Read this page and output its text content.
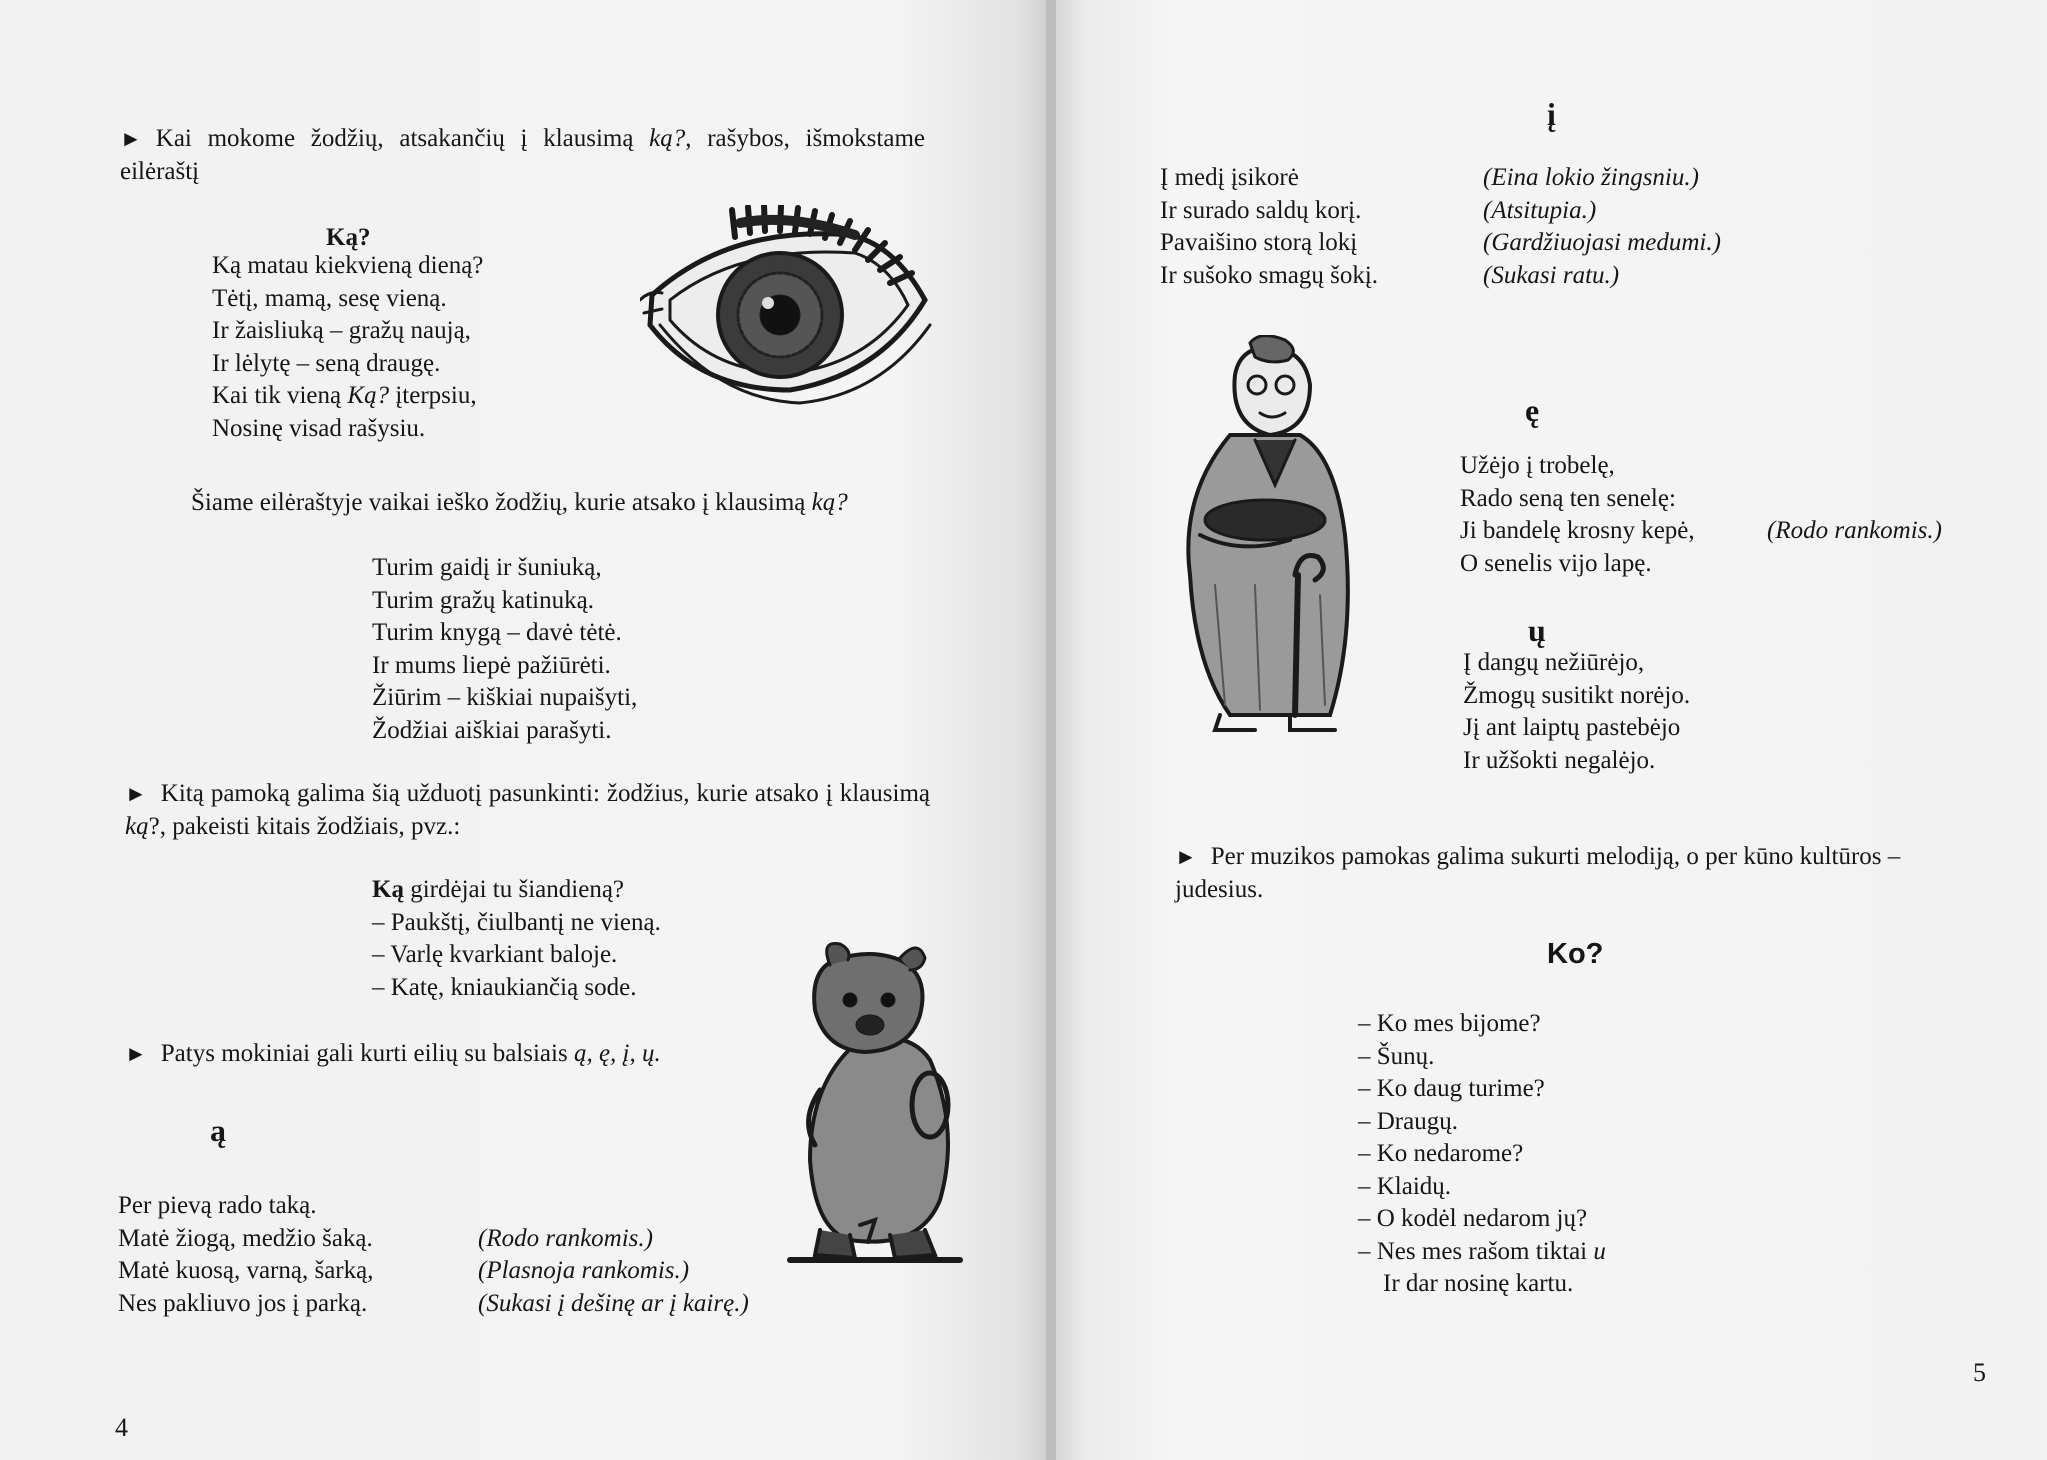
► Kai mokome žodžių, atsakančių į klausimą ką?, rašybos, išmokstame eilėraštį
Ką?
Ką matau kiekvieną dieną?
Tėtį, mamą, sesę vieną.
Ir žaisliuką – gražų naują,
Ir lėlytę – seną draugę.
Kai tik vieną Ką? įterpsiu,
Nosinę visad rašysiu.
Šiame eilėraštyje vaikai ieško žodžių, kurie atsako į klausimą ką?
Turim gaidį ir šuniuką,
Turim gražų katinuką.
Turim knygą – davė tėtė.
Ir mums liepė pažiūrėti.
Žiūrim – kiškiai nupaišyti,
Žodžiai aiškiai parašyti.
► Kitą pamoką galima šią užduotį pasunkinti: žodžius, kurie atsako į klausimą ką?, pakeisti kitais žodžiais, pvz.:
Ką girdėjai tu šiandieną?
– Paukštį, čiulbantį ne vieną.
– Varlę kvarkiant baloje.
– Katę, kniaukiančią sode.
► Patys mokiniai gali kurti eilių su balsiais ą, ę, į, ų.
ą
Per pievą rado taką.
Matė žiogą, medžio šaką.	(Rodo rankomis.)
Matė kuosą, varną, šarką,	(Plasnoja rankomis.)
Nes pakliuvo jos į parką.	(Sukasi į dešinę ar į kairę.)
4
į
Į medį įsikorė	(Eina lokio žingsniu.)
Ir surado saldų korį.	(Atsitupia.)
Pavaišino storą lokį	(Gardžiuojasi medumi.)
Ir sušoko smagų šokį.	(Sukasi ratu.)
ę
Užėjo į trobelę,
Rado seną ten senelę:
Ji bandelę krosny kepė,	(Rodo rankomis.)
O senelis vijo lapę.
ų
Į dangų nežiūrėjo,
Žmogų susitikt norėjo.
Jį ant laiptų pastebėjo
Ir užšokti negalėjo.
► Per muzikos pamokas galima sukurti melodiją, o per kūno kultūros – judesius.
Ko?
– Ko mes bijome?
– Šunų.
– Ko daug turime?
– Draugų.
– Ko nedarome?
– Klaidų.
– O kodėl nedarom jų?
– Nes mes rašom tiktai u
Ir dar nosinę kartu.
5
